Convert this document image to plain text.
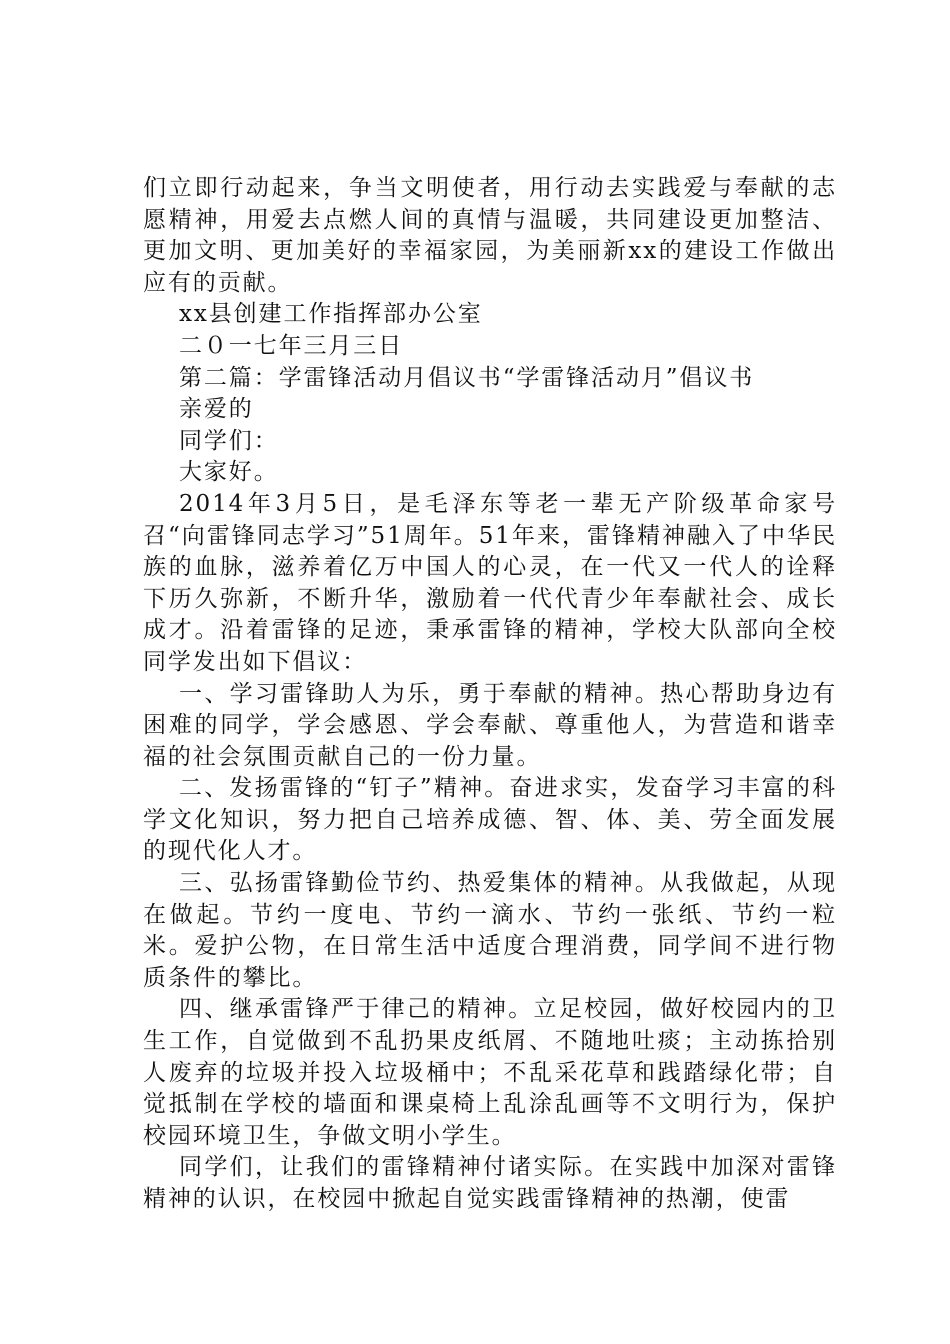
们立即行动起来，争当文明使者，用行动去实践爱与奉献的志愿精神，用爱去点燃人间的真情与温暖，共同建设更加整洁、更加文明、更加美好的幸福家园，为美丽新xx的建设工作做出应有的贡献。

xx县创建工作指挥部办公室

二０一七年三月三日

第二篇：学雷锋活动月倡议书“学雷锋活动月”倡议书

亲爱的

同学们：

大家好。

2014年3月5日，是毛泽东等老一辈无产阶级革命家号召“向雷锋同志学习”51周年。51年来，雷锋精神融入了中华民族的血脉，滋养着亿万中国人的心灵，在一代又一代人的诠释下历久弥新，不断升华，激励着一代代青少年奉献社会、成长成才。沿着雷锋的足迹，秉承雷锋的精神，学校大队部向全校同学发出如下倡议：

一、学习雷锋助人为乐，勇于奉献的精神。热心帮助身边有困难的同学，学会感恩、学会奉献、尊重他人，为营造和谐幸福的社会氛围贡献自己的一份力量。

二、发扬雷锋的“钉子”精神。奋进求实，发奋学习丰富的科学文化知识，努力把自己培养成德、智、体、美、劳全面发展的现代化人才。

三、弘扬雷锋勤俭节约、热爱集体的精神。从我做起，从现在做起。节约一度电、节约一滴水、节约一张纸、节约一粒米。爱护公物，在日常生活中适度合理消费，同学间不进行物质条件的攀比。

四、继承雷锋严于律己的精神。立足校园，做好校园内的卫生工作，自觉做到不乱扔果皮纸屑、不随地吐痰；主动拣拾别人废弃的垃圾并投入垃圾桶中；不乱采花草和践踏绿化带；自觉抵制在学校的墙面和课桌椅上乱涂乱画等不文明行为，保护校园环境卫生，争做文明小学生。

同学们，让我们的雷锋精神付诸实际。在实践中加深对雷锋精神的认识，在校园中掀起自觉实践雷锋精神的热潮，使雷
